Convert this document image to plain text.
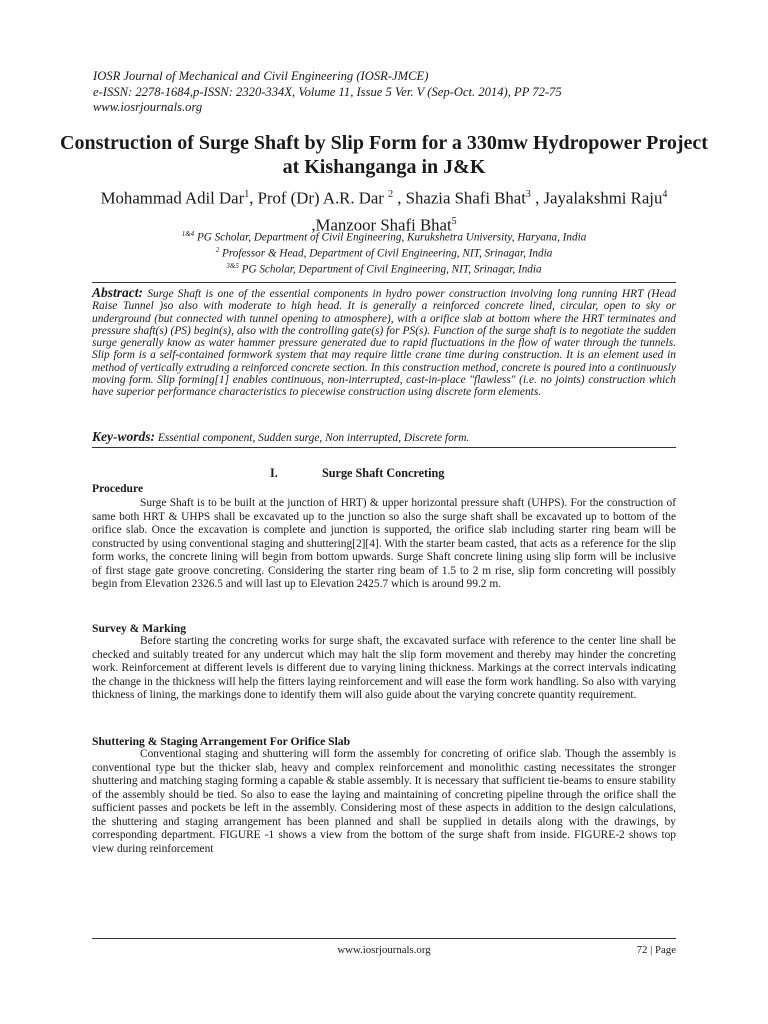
IOSR Journal of Mechanical and Civil Engineering (IOSR-JMCE)
e-ISSN: 2278-1684,p-ISSN: 2320-334X, Volume 11, Issue 5 Ver. V (Sep-Oct. 2014), PP 72-75
www.iosrjournals.org
Construction of Surge Shaft by Slip Form for a 330mw Hydropower Project at Kishanganga in J&K
Mohammad Adil Dar$^1$, Prof (Dr) A.R. Dar $^2$ , Shazia Shafi Bhat$^3$ , Jayalakshmi Raju$^4$ ,Manzoor Shafi Bhat$^5$
$^{1\&4}$ PG Scholar, Department of Civil Engineering, Kurukshetra University, Haryana, India
$^2$ Professor & Head, Department of Civil Engineering, NIT, Srinagar, India
$^{3\&5}$ PG Scholar, Department of Civil Engineering, NIT, Srinagar, India
Abstract: Surge Shaft is one of the essential components in hydro power construction involving long running HRT (Head Raise Tunnel )so also with moderate to high head. It is generally a reinforced concrete lined, circular, open to sky or underground (but connected with tunnel opening to atmosphere), with a orifice slab at bottom where the HRT terminates and pressure shaft(s) (PS) begin(s), also with the controlling gate(s) for PS(s). Function of the surge shaft is to negotiate the sudden surge generally know as water hammer pressure generated due to rapid fluctuations in the flow of water through the tunnels. Slip form is a self-contained formwork system that may require little crane time during construction. It is an element used in method of vertically extruding a reinforced concrete section. In this construction method, concrete is poured into a continuously moving form. Slip forming[1] enables continuous, non-interrupted, cast-in-place "flawless" (i.e. no joints) construction which have superior performance characteristics to piecewise construction using discrete form elements.
Key-words: Essential component, Sudden surge, Non interrupted, Discrete form.
I.	Surge Shaft Concreting
Procedure
Surge Shaft is to be built at the junction of HRT) & upper horizontal pressure shaft (UHPS). For the construction of same both HRT & UHPS shall be excavated up to the junction so also the surge shaft shall be excavated up to bottom of the orifice slab. Once the excavation is complete and junction is supported, the orifice slab including starter ring beam will be constructed by using conventional staging and shuttering[2][4]. With the starter beam casted, that acts as a reference for the slip form works, the concrete lining will begin from bottom upwards. Surge Shaft concrete lining using slip form will be inclusive of first stage gate groove concreting. Considering the starter ring beam of 1.5 to 2 m rise, slip form concreting will possibly begin from Elevation 2326.5 and will last up to Elevation 2425.7 which is around 99.2 m.
Survey & Marking
Before starting the concreting works for surge shaft, the excavated surface with reference to the center line shall be checked and suitably treated for any undercut which may halt the slip form movement and thereby may hinder the concreting work. Reinforcement at different levels is different due to varying lining thickness. Markings at the correct intervals indicating the change in the thickness will help the fitters laying reinforcement and will ease the form work handling. So also with varying thickness of lining, the markings done to identify them will also guide about the varying concrete quantity requirement.
Shuttering & Staging Arrangement For Orifice Slab
Conventional staging and shuttering will form the assembly for concreting of orifice slab. Though the assembly is conventional type but the thicker slab, heavy and complex reinforcement and monolithic casting necessitates the stronger shuttering and matching staging forming a capable & stable assembly. It is necessary that sufficient tie-beams to ensure stability of the assembly should be tied. So also to ease the laying and maintaining of concreting pipeline through the orifice shall the sufficient passes and pockets be left in the assembly. Considering most of these aspects in addition to the design calculations, the shuttering and staging arrangement has been planned and shall be supplied in details along with the drawings, by corresponding department. FIGURE -1 shows a view from the bottom of the surge shaft from inside. FIGURE-2 shows top view during reinforcement
www.iosrjournals.org	72 | Page
